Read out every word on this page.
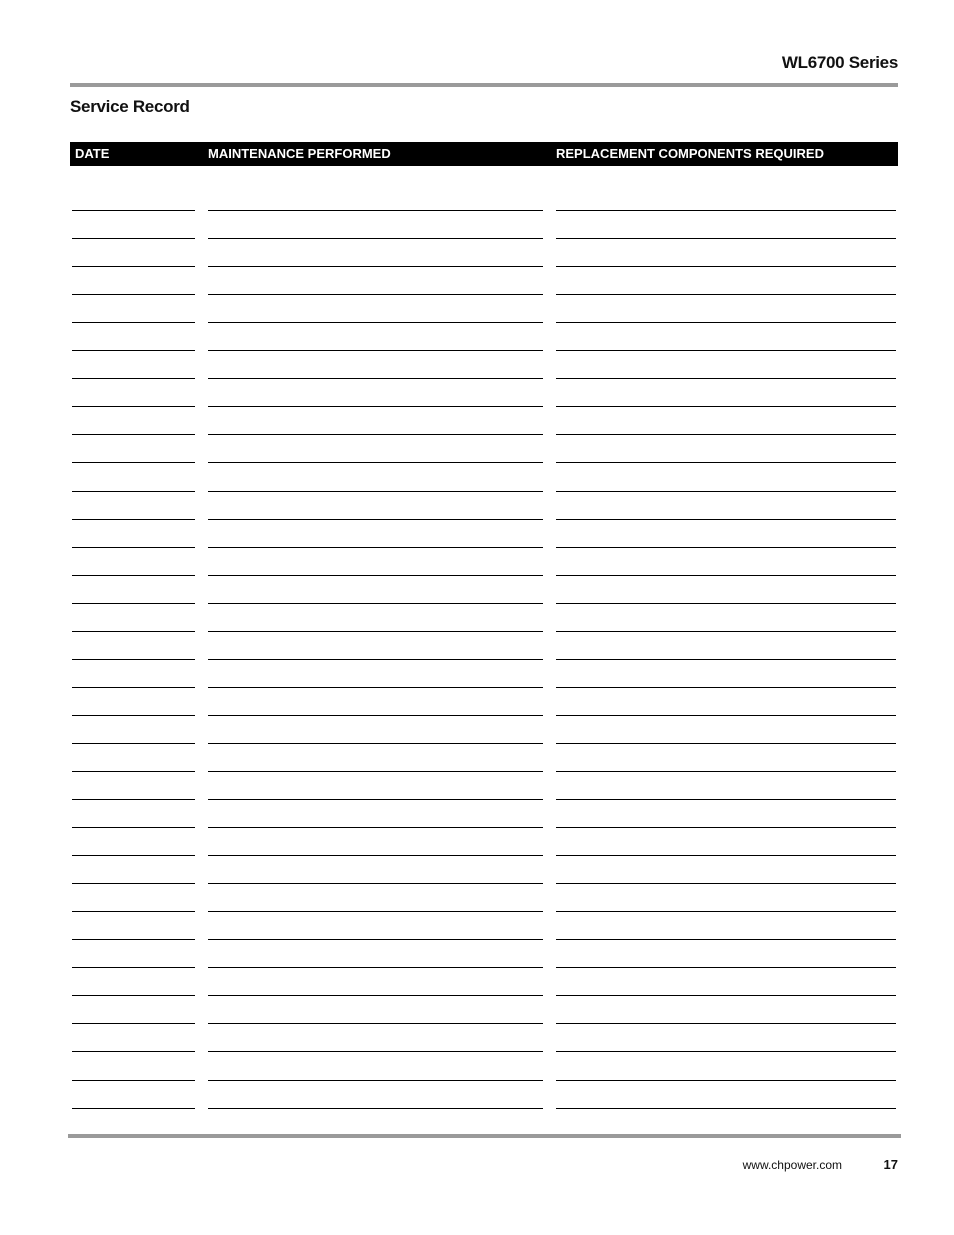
WL6700 Series
Service Record
DATE	MAINTENANCE PERFORMED	REPLACEMENT COMPONENTS REQUIRED
www.chpower.com	17
